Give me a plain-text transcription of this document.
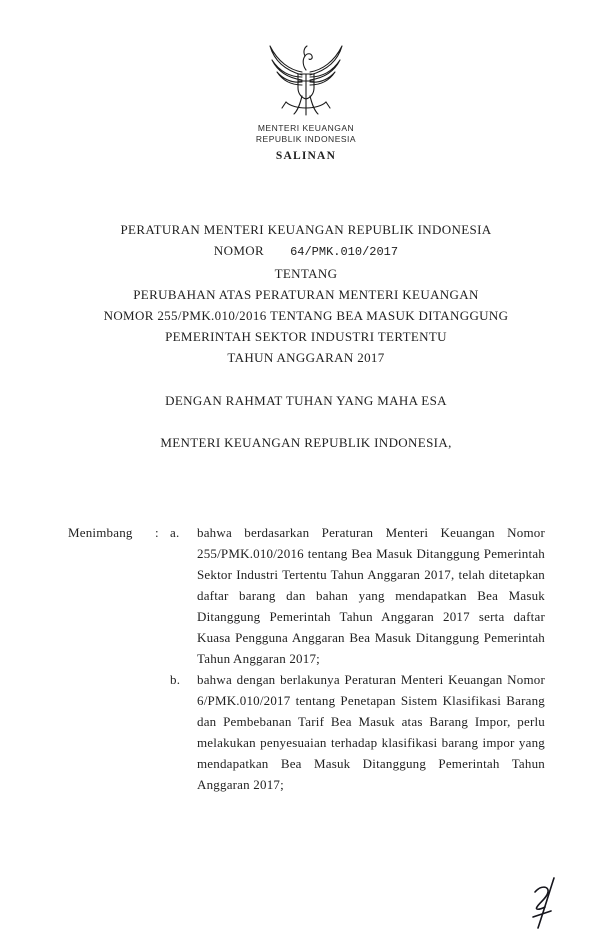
MENTERI KEUANGAN
REPUBLIK INDONESIA
SALINAN
PERATURAN MENTERI KEUANGAN REPUBLIK INDONESIA
NOMOR 64/PMK.010/2017
TENTANG
PERUBAHAN ATAS PERATURAN MENTERI KEUANGAN
NOMOR 255/PMK.010/2016 TENTANG BEA MASUK DITANGGUNG
PEMERINTAH SEKTOR INDUSTRI TERTENTU
TAHUN ANGGARAN 2017
DENGAN RAHMAT TUHAN YANG MAHA ESA
MENTERI KEUANGAN REPUBLIK INDONESIA,
Menimbang	: a.	bahwa berdasarkan Peraturan Menteri Keuangan Nomor 255/PMK.010/2016 tentang Bea Masuk Ditanggung Pemerintah Sektor Industri Tertentu Tahun Anggaran 2017, telah ditetapkan daftar barang dan bahan yang mendapatkan Bea Masuk Ditanggung Pemerintah Tahun Anggaran 2017 serta daftar Kuasa Pengguna Anggaran Bea Masuk Ditanggung Pemerintah Tahun Anggaran 2017;
b.	bahwa dengan berlakunya Peraturan Menteri Keuangan Nomor 6/PMK.010/2017 tentang Penetapan Sistem Klasifikasi Barang dan Pembebanan Tarif Bea Masuk atas Barang Impor, perlu melakukan penyesuaian terhadap klasifikasi barang impor yang mendapatkan Bea Masuk Ditanggung Pemerintah Tahun Anggaran 2017;
